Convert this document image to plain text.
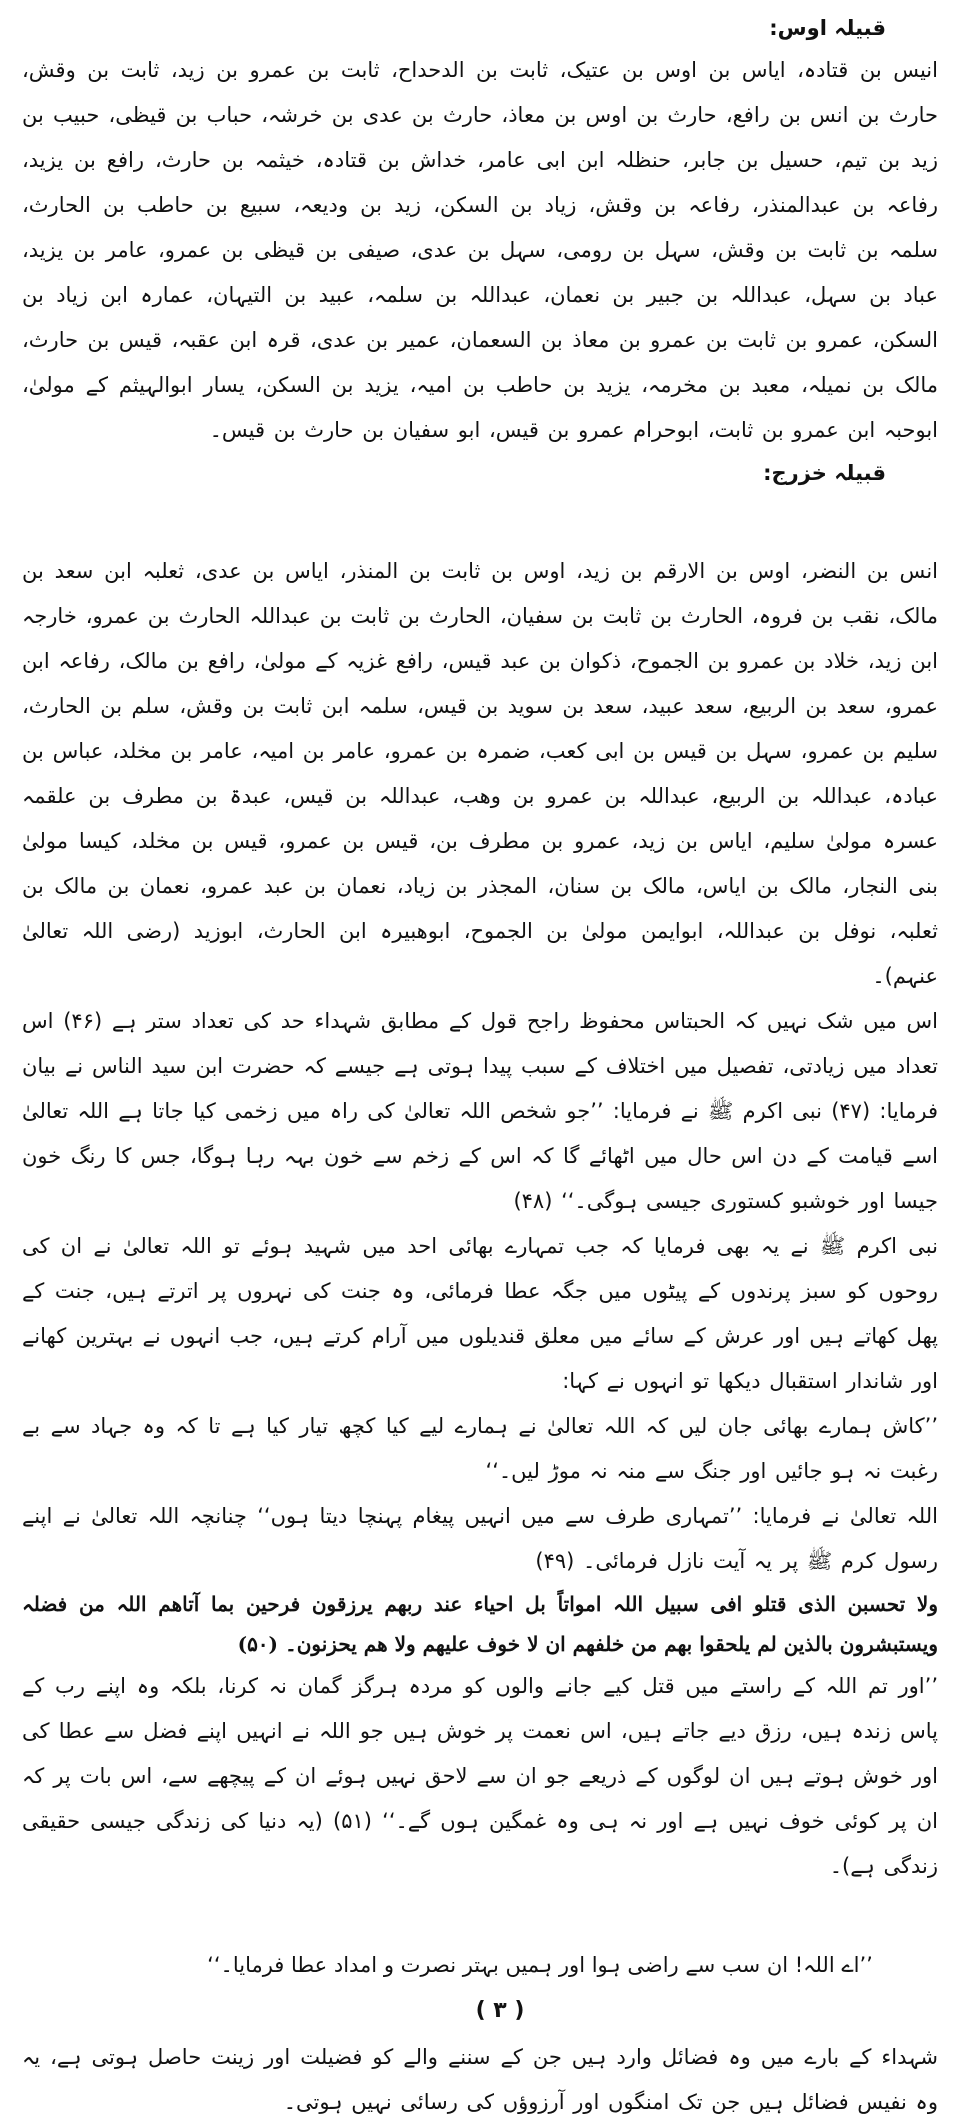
قبیلہ اوس:

انیس بن قتادہ، ایاس بن اوس بن عتیک، ثابت بن الدحداح، ثابت بن عمرو بن زید، ثابت بن وقش، حارث بن انس بن رافع، حارث بن اوس بن معاذ، حارث بن عدی بن خرشہ، حباب بن قیظی، حبیب بن زید بن تیم، حسیل بن جابر، حنظلہ ابن ابی عامر، خداش بن قتادہ، خیثمہ بن حارث، رافع بن یزید، رفاعہ بن عبدالمنذر، رفاعہ بن وقش، زیاد بن السکن، زید بن ودیعہ، سبیع بن حاطب بن الحارث، سلمہ بن ثابت بن وقش، سہل بن رومی، سہل بن عدی، صیفی بن قیظی بن عمرو، عامر بن یزید، عباد بن سہل، عبداللہ بن جبیر بن نعمان، عبداللہ بن سلمہ، عبید بن التیہان، عمارہ ابن زیاد بن السکن، عمرو بن ثابت بن عمرو بن معاذ بن السعمان، عمیر بن عدی، قرہ ابن عقبہ، قیس بن حارث، مالک بن نمیلہ، معبد بن مخرمہ، یزید بن حاطب بن امیہ، یزید بن السکن، یسار ابوالہیثم کے مولیٰ، ابوحبہ ابن عمرو بن ثابت، ابوحرام عمرو بن قیس، ابو سفیان بن حارث بن قیس۔

قبیلہ خزرج:

انس بن النضر، اوس بن الارقم بن زید، اوس بن ثابت بن المنذر، ایاس بن عدی، ثعلبہ ابن سعد بن مالک، نقب بن فروہ، الحارث بن ثابت بن سفیان، الحارث بن ثابت بن عبداللہ الحارث بن عمرو، خارجہ ابن زید، خلاد بن عمرو بن الجموح، ذکوان بن عبد قیس، رافع غزیہ کے مولیٰ، رافع بن مالک، رفاعہ ابن عمرو، سعد بن الربیع، سعد عبید، سعد بن سوید بن قیس، سلمہ ابن ثابت بن وقش، سلم بن الحارث، سلیم بن عمرو، سہل بن قیس بن ابی کعب، ضمرہ بن عمرو، عامر بن امیہ، عامر بن مخلد، عباس بن عبادہ، عبداللہ بن الربیع، عبداللہ بن عمرو بن وھب، عبداللہ بن قیس، عبدۃ بن مطرف بن علقمہ عسرہ مولیٰ سلیم، ایاس بن زید، عمرو بن مطرف بن، قیس بن عمرو، قیس بن مخلد، کیسا مولیٰ بنی النجار، مالک بن ایاس، مالک بن سنان، المجذر بن زیاد، نعمان بن عبد عمرو، نعمان بن مالک بن ثعلبہ، نوفل بن عبداللہ، ابوایمن مولیٰ بن الجموح، ابوھبیرہ ابن الحارث، ابوزید (رضی اللہ تعالیٰ عنہم)۔

اس میں شک نہیں کہ الحبتاس محفوظ راجح قول کے مطابق شہداء حد کی تعداد ستر ہے (۴۶) اس تعداد میں زیادتی، تفصیل میں اختلاف کے سبب پیدا ہوتی ہے جیسے کہ حضرت ابن سید الناس نے بیان فرمایا: (۴۷) نبی اکرم ﷺ نے فرمایا: ’’جو شخص اللہ تعالیٰ کی راہ میں زخمی کیا جاتا ہے اللہ تعالیٰ اسے قیامت کے دن اس حال میں اٹھائے گا کہ اس کے زخم سے خون بہہ رہا ہوگا، جس کا رنگ خون جیسا اور خوشبو کستوری جیسی ہوگی۔‘‘ (۴۸)

نبی اکرم ﷺ نے یہ بھی فرمایا کہ جب تمہارے بھائی احد میں شہید ہوئے تو اللہ تعالیٰ نے ان کی روحوں کو سبز پرندوں کے پیٹوں میں جگہ عطا فرمائی، وہ جنت کی نہروں پر اترتے ہیں، جنت کے پھل کھاتے ہیں اور عرش کے سائے میں معلق قندیلوں میں آرام کرتے ہیں، جب انہوں نے بہترین کھانے اور شاندار استقبال دیکھا تو انہوں نے کہا:

’’کاش ہمارے بھائی جان لیں کہ اللہ تعالیٰ نے ہمارے لیے کیا کچھ تیار کیا ہے تا کہ وہ جہاد سے بے رغبت نہ ہو جائیں اور جنگ سے منہ نہ موڑ لیں۔‘‘

اللہ تعالیٰ نے فرمایا: ’’تمہاری طرف سے میں انہیں پیغام پہنچا دیتا ہوں‘‘ چنانچہ اللہ تعالیٰ نے اپنے رسول کرم ﷺ پر یہ آیت نازل فرمائی۔ (۴۹)

ولا تحسبن الذی قتلو افی سبیل اللہ امواتاً بل احیاء عند ربھم یرزقون فرحین بما آتاھم اللہ من فضلہ ویستبشرون بالذین لم یلحقوا بھم من خلفھم ان لا خوف علیھم ولا ھم یحزنون۔ (۵۰)

’’اور تم اللہ کے راستے میں قتل کیے جانے والوں کو مردہ ہرگز گمان نہ کرنا، بلکہ وہ اپنے رب کے پاس زندہ ہیں، رزق دیے جاتے ہیں، اس نعمت پر خوش ہیں جو اللہ نے انہیں اپنے فضل سے عطا کی اور خوش ہوتے ہیں ان لوگوں کے ذریعے جو ان سے لاحق نہیں ہوئے ان کے پیچھے سے، اس بات پر کہ ان پر کوئی خوف نہیں ہے اور نہ ہی وہ غمگین ہوں گے۔‘‘ (۵۱) (یہ دنیا کی زندگی جیسی حقیقی زندگی ہے)۔

’’اے اللہ! ان سب سے راضی ہوا اور ہمیں بہتر نصرت و امداد عطا فرمایا۔‘‘

( ۳ )

شہداء کے بارے میں وہ فضائل وارد ہیں جن کے سننے والے کو فضیلت اور زینت حاصل ہوتی ہے، یہ وہ نفیس فضائل ہیں جن تک امنگوں اور آرزوؤں کی رسائی نہیں ہوتی۔
